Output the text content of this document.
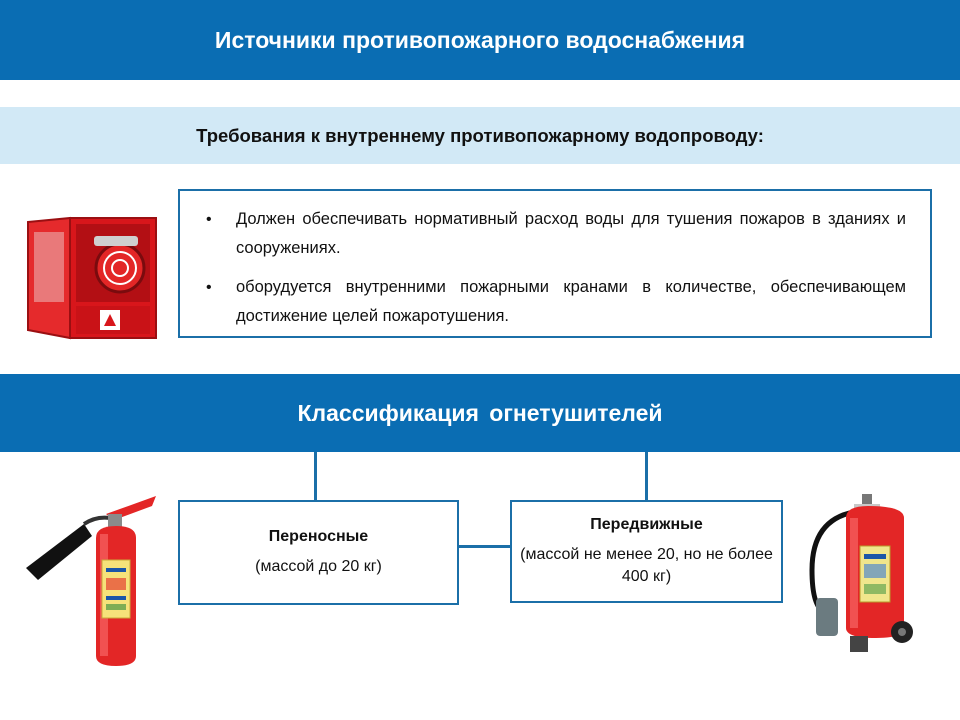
Источники противопожарного водоснабжения
Требования к внутреннему противопожарному водопроводу:
• Должен обеспечивать нормативный расход воды для тушения пожаров в зданиях и сооружениях.
• оборудуется внутренними пожарными кранами в количестве, обеспечивающем достижение целей пожаротушения.
Классификация огнетушителей
Переносные
(массой до 20 кг)
Передвижные
(массой не менее 20, но не более 400 кг)
